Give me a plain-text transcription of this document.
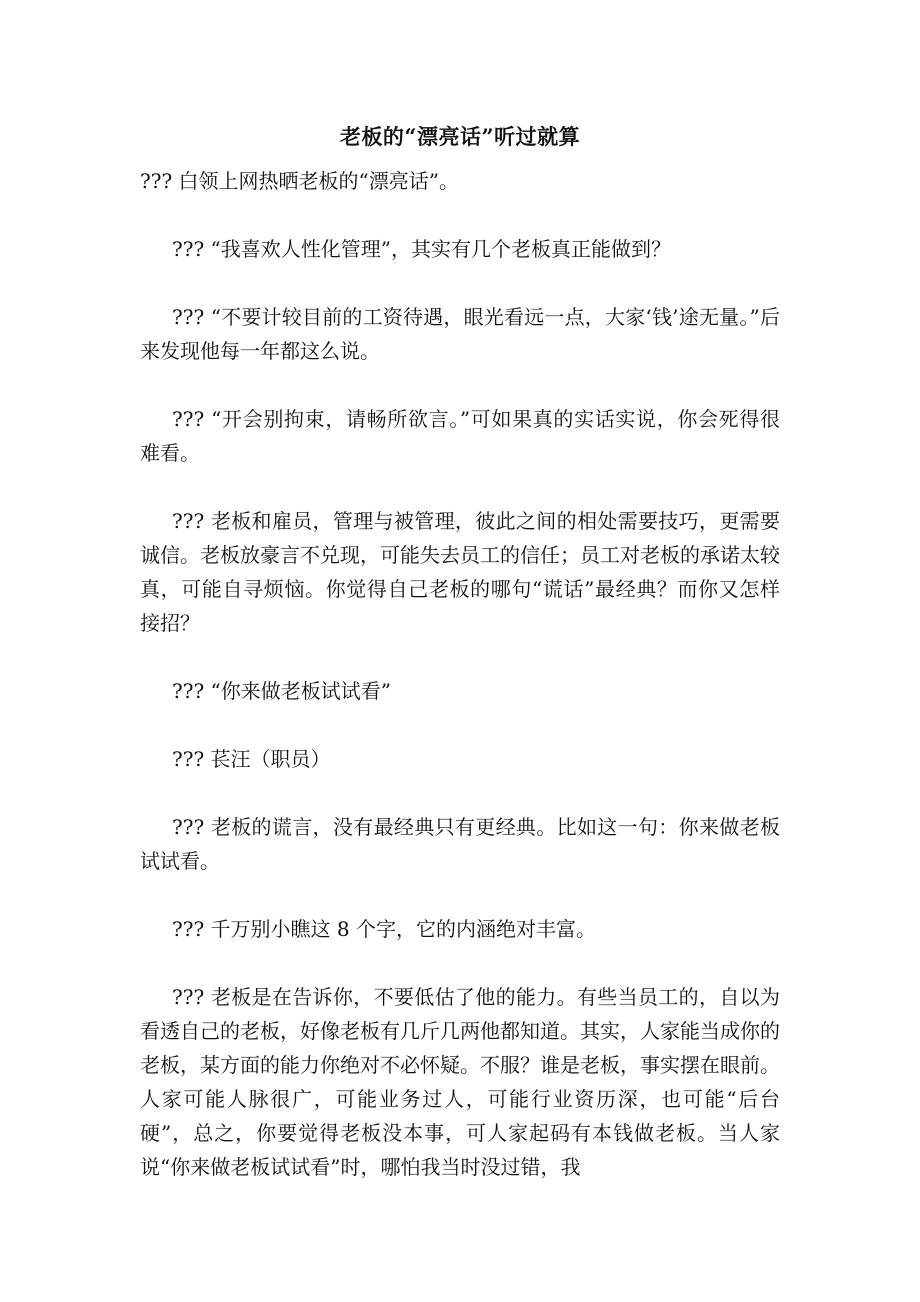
老板的“漂亮话”听过就算

??? 白领上网热晒老板的“漂亮话”。

??? “我喜欢人性化管理”，其实有几个老板真正能做到？

??? “不要计较目前的工资待遇，眼光看远一点，大家‘钱’途无量。”后来发现他每一年都这么说。

??? “开会别拘束，请畅所欲言。”可如果真的实话实说，你会死得很难看。

??? 老板和雇员，管理与被管理，彼此之间的相处需要技巧，更需要诚信。老板放豪言不兑现，可能失去员工的信任；员工对老板的承诺太较真，可能自寻烦恼。你觉得自己老板的哪句“谎话”最经典？而你又怎样接招？

??? “你来做老板试试看”

??? 苌汪（职员）

??? 老板的谎言，没有最经典只有更经典。比如这一句：你来做老板试试看。

??? 千万别小瞧这 8 个字，它的内涵绝对丰富。

??? 老板是在告诉你，不要低估了他的能力。有些当员工的，自以为看透自己的老板，好像老板有几斤几两他都知道。其实，人家能当成你的老板，某方面的能力你绝对不必怀疑。不服？谁是老板，事实摆在眼前。人家可能人脉很广，可能业务过人，可能行业资历深，也可能“后台硬”，总之，你要觉得老板没本事，可人家起码有本钱做老板。当人家说“你来做老板试试看”时，哪怕我当时没过错，我
